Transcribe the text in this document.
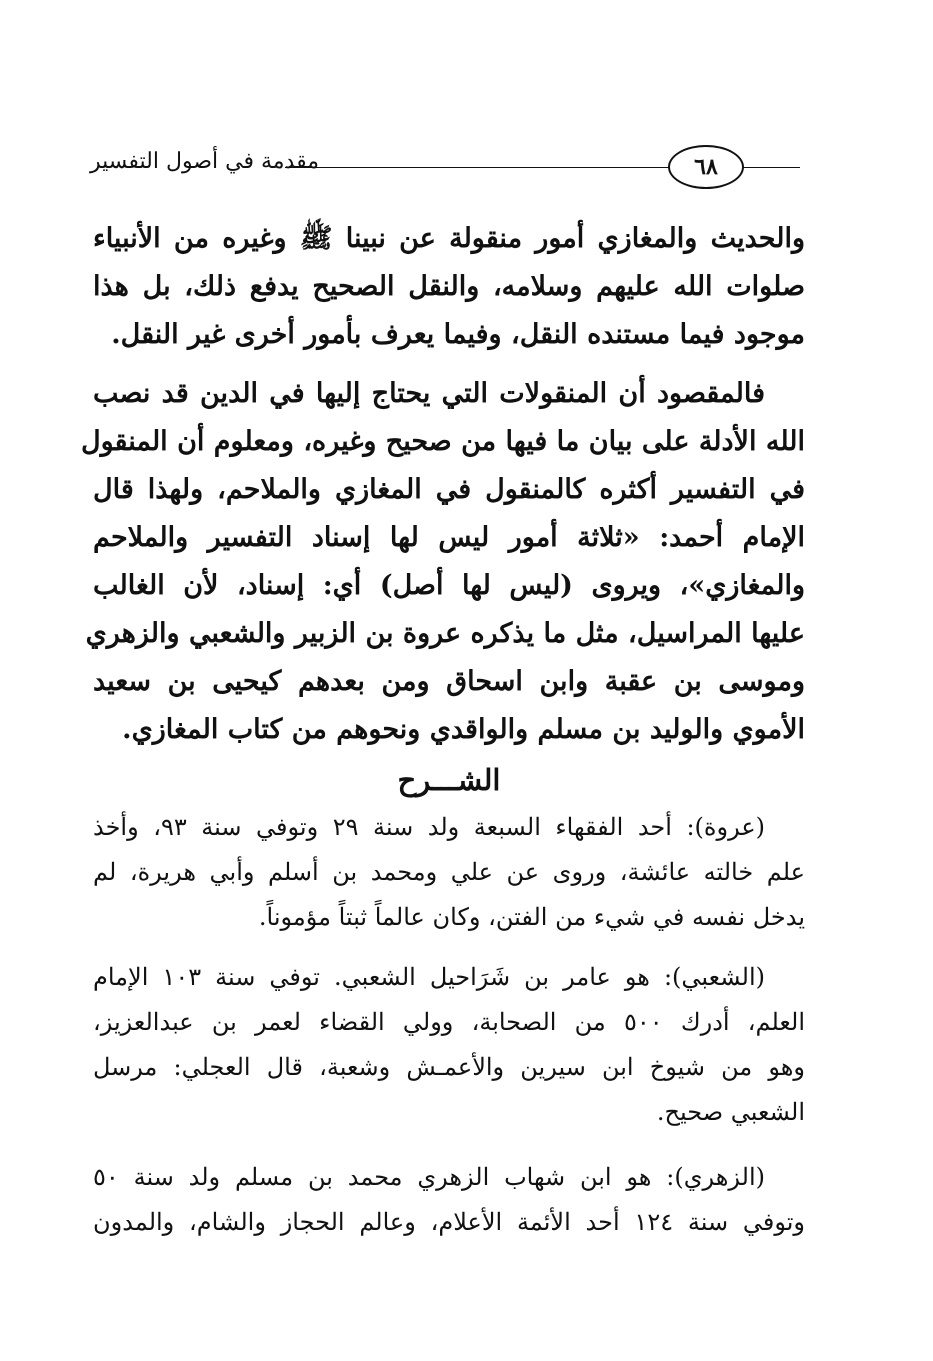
مقدمة في أصول التفسير	٦٨
والحديث والمغازي أمور منقولة عن نبينا ﷺ وغيره من الأنبياء
صلوات الله عليهم وسلامه، والنقل الصحيح يدفع ذلك، بل هذا
موجود فيما مستنده النقل، وفيما يعرف بأمور أخرى غير النقل.
فالمقصود أن المنقولات التي يحتاج إليها في الدين قد نصب
الله الأدلة على بيان ما فيها من صحيح وغيره، ومعلوم أن المنقول
في التفسير أكثره كالمنقول في المغازي والملاحم، ولهذا قال
الإمام أحمد: «ثلاثة أمور ليس لها إسناد التفسير والملاحم
والمغازي»، ويروى (ليس لها أصل) أي: إسناد، لأن الغالب
عليها المراسيل، مثل ما يذكره عروة بن الزبير والشعبي والزهري
وموسى بن عقبة وابن اسحاق ومن بعدهم كيحيى بن سعيد
الأموي والوليد بن مسلم والواقدي ونحوهم من كتاب المغازي.
الشـــرح
(عروة): أحد الفقهاء السبعة ولد سنة ٢٩ وتوفي سنة ٩٣، وأخذ
علم خالته عائشة، وروى عن علي ومحمد بن أسلم وأبي هريرة، لم
يدخل نفسه في شيء من الفتن، وكان عالماً ثبتاً مؤموناً.
(الشعبي): هو عامر بن شَرَاحيل الشعبي. توفي سنة ١٠٣ الإمام
العلم، أدرك ٥٠٠ من الصحابة، وولي القضاء لعمر بن عبدالعزيز،
وهو من شيوخ ابن سيرين والأعمـش وشعبة، قال العجلي: مرسل
الشعبي صحيح.
(الزهري): هو ابن شهاب الزهري محمد بن مسلم ولد سنة ٥٠
وتوفي سنة ١٢٤ أحد الأئمة الأعلام، وعالم الحجاز والشام، والمدون
